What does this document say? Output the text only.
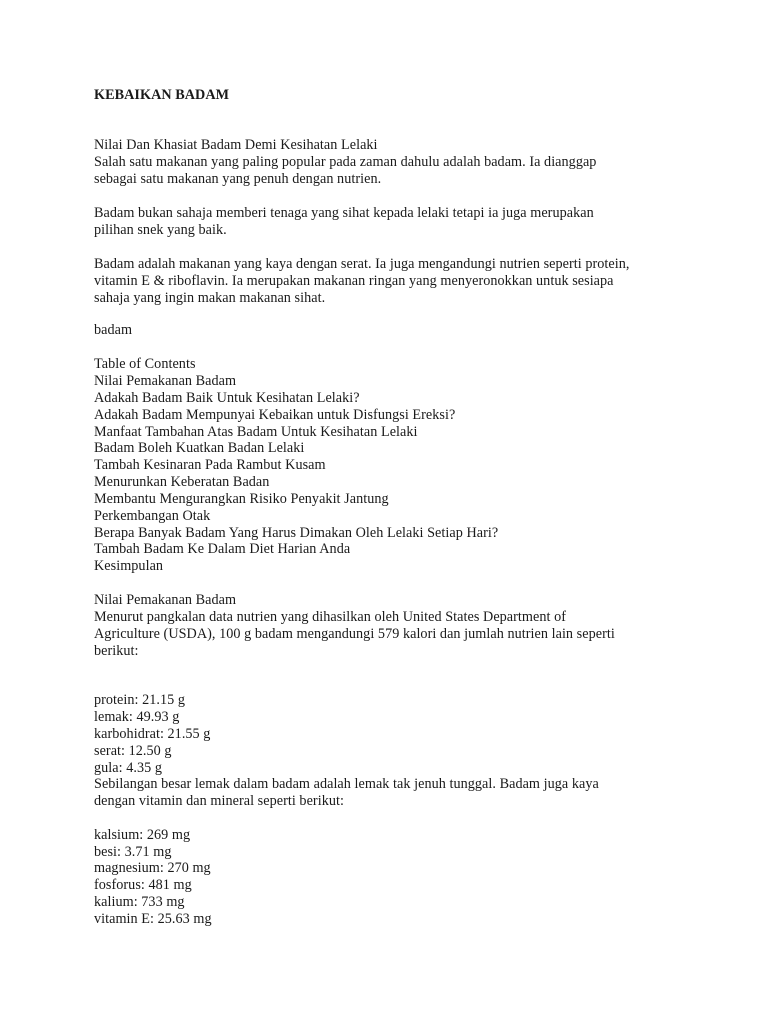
KEBAIKAN BADAM
Nilai Dan Khasiat Badam Demi Kesihatan Lelaki
Salah satu makanan yang paling popular pada zaman dahulu adalah badam. Ia dianggap
sebagai satu makanan yang penuh dengan nutrien.
Badam bukan sahaja memberi tenaga yang sihat kepada lelaki tetapi ia juga merupakan
pilihan snek yang baik.
Badam adalah makanan yang kaya dengan serat. Ia juga mengandungi nutrien seperti protein,
vitamin E & riboflavin. Ia merupakan makanan ringan yang menyeronokkan untuk sesiapa
sahaja yang ingin makan makanan sihat.
badam
Table of Contents
Nilai Pemakanan Badam
Adakah Badam Baik Untuk Kesihatan Lelaki?
Adakah Badam Mempunyai Kebaikan untuk Disfungsi Ereksi?
Manfaat Tambahan Atas Badam Untuk Kesihatan Lelaki
Badam Boleh Kuatkan Badan Lelaki
Tambah Kesinaran Pada Rambut Kusam
Menurunkan Keberatan Badan
Membantu Mengurangkan Risiko Penyakit Jantung
Perkembangan Otak
Berapa Banyak Badam Yang Harus Dimakan Oleh Lelaki Setiap Hari?
Tambah Badam Ke Dalam Diet Harian Anda
Kesimpulan
Nilai Pemakanan Badam
Menurut pangkalan data nutrien yang dihasilkan oleh United States Department of
Agriculture (USDA), 100 g badam mengandungi 579 kalori dan jumlah nutrien lain seperti
berikut:
protein: 21.15 g
lemak: 49.93 g
karbohidrat: 21.55 g
serat: 12.50 g
gula: 4.35 g
Sebilangan besar lemak dalam badam adalah lemak tak jenuh tunggal. Badam juga kaya
dengan vitamin dan mineral seperti berikut:
kalsium: 269 mg
besi: 3.71 mg
magnesium: 270 mg
fosforus: 481 mg
kalium: 733 mg
vitamin E: 25.63 mg
